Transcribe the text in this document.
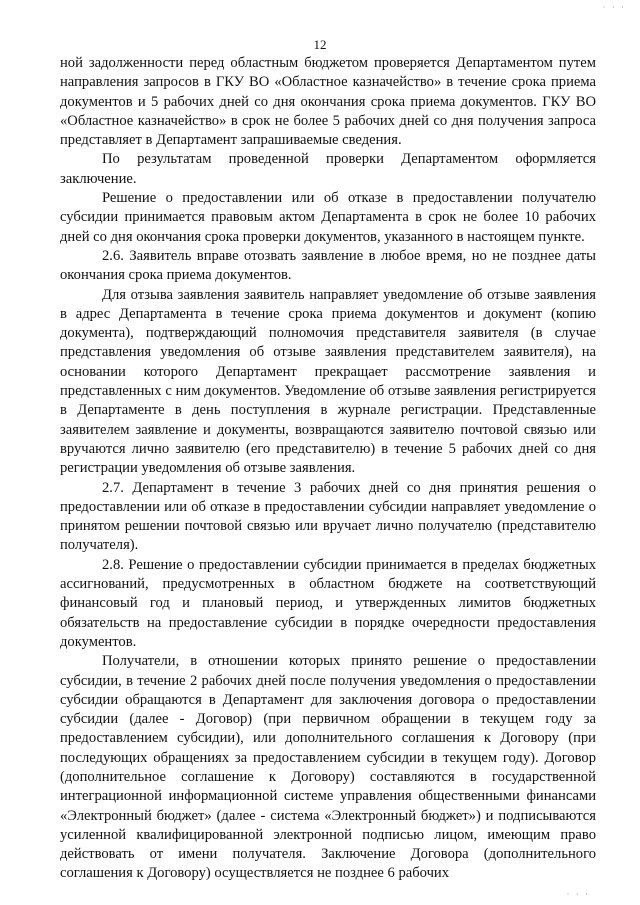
· · ·
12

ной задолженности перед областным бюджетом проверяется Департаментом путем направления запросов в ГКУ ВО «Областное казначейство» в течение срока приема документов и 5 рабочих дней со дня окончания срока приема документов. ГКУ ВО «Областное казначейство» в срок не более 5 рабочих дней со дня получения запроса представляет в Департамент запрашиваемые сведения.

По результатам проведенной проверки Департаментом оформляется заключение.

Решение о предоставлении или об отказе в предоставлении получателю субсидии принимается правовым актом Департамента в срок не более 10 рабочих дней со дня окончания срока проверки документов, указанного в настоящем пункте.

2.6. Заявитель вправе отозвать заявление в любое время, но не позднее даты окончания срока приема документов.

Для отзыва заявления заявитель направляет уведомление об отзыве заявления в адрес Департамента в течение срока приема документов и документ (копию документа), подтверждающий полномочия представителя заявителя (в случае представления уведомления об отзыве заявления представителем заявителя), на основании которого Департамент прекращает рассмотрение заявления и представленных с ним документов. Уведомление об отзыве заявления регистрируется в Департаменте в день поступления в журнале регистрации. Представленные заявителем заявление и документы, возвращаются заявителю почтовой связью или вручаются лично заявителю (его представителю) в течение 5 рабочих дней со дня регистрации уведомления об отзыве заявления.

2.7. Департамент в течение 3 рабочих дней со дня принятия решения о предоставлении или об отказе в предоставлении субсидии направляет уведомление о принятом решении почтовой связью или вручает лично получателю (представителю получателя).

2.8. Решение о предоставлении субсидии принимается в пределах бюджетных ассигнований, предусмотренных в областном бюджете на соответствующий финансовый год и плановый период, и утвержденных лимитов бюджетных обязательств на предоставление субсидии в порядке очередности предоставления документов.

Получатели, в отношении которых принято решение о предоставлении субсидии, в течение 2 рабочих дней после получения уведомления о предоставлении субсидии обращаются в Департамент для заключения договора о предоставлении субсидии (далее - Договор) (при первичном обращении в текущем году за предоставлением субсидии), или дополнительного соглашения к Договору (при последующих обращениях за предоставлением субсидии в текущем году). Договор (дополнительное соглашение к Договору) составляются в государственной интеграционной информационной системе управления общественными финансами «Электронный бюджет» (далее - система «Электронный бюджет») и подписываются усиленной квалифицированной электронной подписью лицом, имеющим право действовать от имени получателя. Заключение Договора (дополнительного соглашения к Договору) осуществляется не позднее 6 рабочих

· · ·
